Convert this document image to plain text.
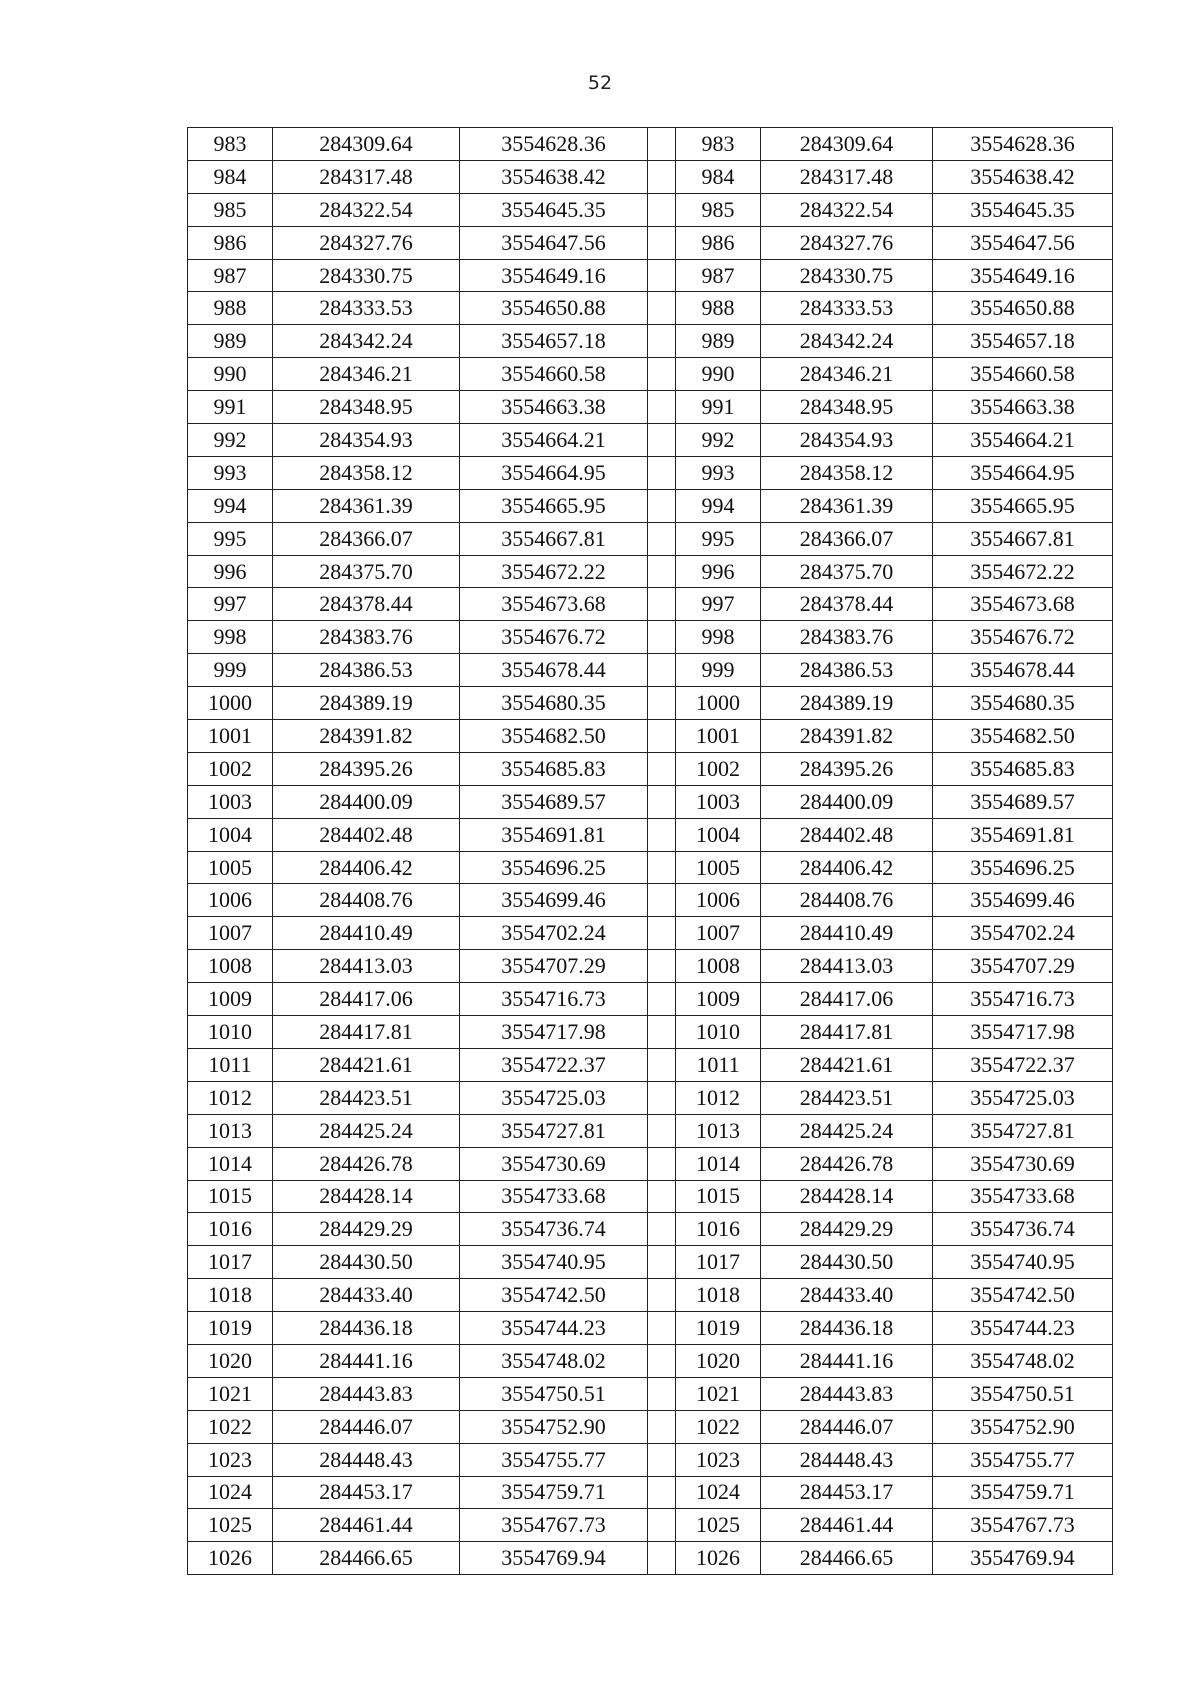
52
983	284309.64	3554628.36		983	284309.64	3554628.36
984	284317.48	3554638.42		984	284317.48	3554638.42
985	284322.54	3554645.35		985	284322.54	3554645.35
986	284327.76	3554647.56		986	284327.76	3554647.56
987	284330.75	3554649.16		987	284330.75	3554649.16
988	284333.53	3554650.88		988	284333.53	3554650.88
989	284342.24	3554657.18		989	284342.24	3554657.18
990	284346.21	3554660.58		990	284346.21	3554660.58
991	284348.95	3554663.38		991	284348.95	3554663.38
992	284354.93	3554664.21		992	284354.93	3554664.21
993	284358.12	3554664.95		993	284358.12	3554664.95
994	284361.39	3554665.95		994	284361.39	3554665.95
995	284366.07	3554667.81		995	284366.07	3554667.81
996	284375.70	3554672.22		996	284375.70	3554672.22
997	284378.44	3554673.68		997	284378.44	3554673.68
998	284383.76	3554676.72		998	284383.76	3554676.72
999	284386.53	3554678.44		999	284386.53	3554678.44
1000	284389.19	3554680.35		1000	284389.19	3554680.35
1001	284391.82	3554682.50		1001	284391.82	3554682.50
1002	284395.26	3554685.83		1002	284395.26	3554685.83
1003	284400.09	3554689.57		1003	284400.09	3554689.57
1004	284402.48	3554691.81		1004	284402.48	3554691.81
1005	284406.42	3554696.25		1005	284406.42	3554696.25
1006	284408.76	3554699.46		1006	284408.76	3554699.46
1007	284410.49	3554702.24		1007	284410.49	3554702.24
1008	284413.03	3554707.29		1008	284413.03	3554707.29
1009	284417.06	3554716.73		1009	284417.06	3554716.73
1010	284417.81	3554717.98		1010	284417.81	3554717.98
1011	284421.61	3554722.37		1011	284421.61	3554722.37
1012	284423.51	3554725.03		1012	284423.51	3554725.03
1013	284425.24	3554727.81		1013	284425.24	3554727.81
1014	284426.78	3554730.69		1014	284426.78	3554730.69
1015	284428.14	3554733.68		1015	284428.14	3554733.68
1016	284429.29	3554736.74		1016	284429.29	3554736.74
1017	284430.50	3554740.95		1017	284430.50	3554740.95
1018	284433.40	3554742.50		1018	284433.40	3554742.50
1019	284436.18	3554744.23		1019	284436.18	3554744.23
1020	284441.16	3554748.02		1020	284441.16	3554748.02
1021	284443.83	3554750.51		1021	284443.83	3554750.51
1022	284446.07	3554752.90		1022	284446.07	3554752.90
1023	284448.43	3554755.77		1023	284448.43	3554755.77
1024	284453.17	3554759.71		1024	284453.17	3554759.71
1025	284461.44	3554767.73		1025	284461.44	3554767.73
1026	284466.65	3554769.94		1026	284466.65	3554769.94
